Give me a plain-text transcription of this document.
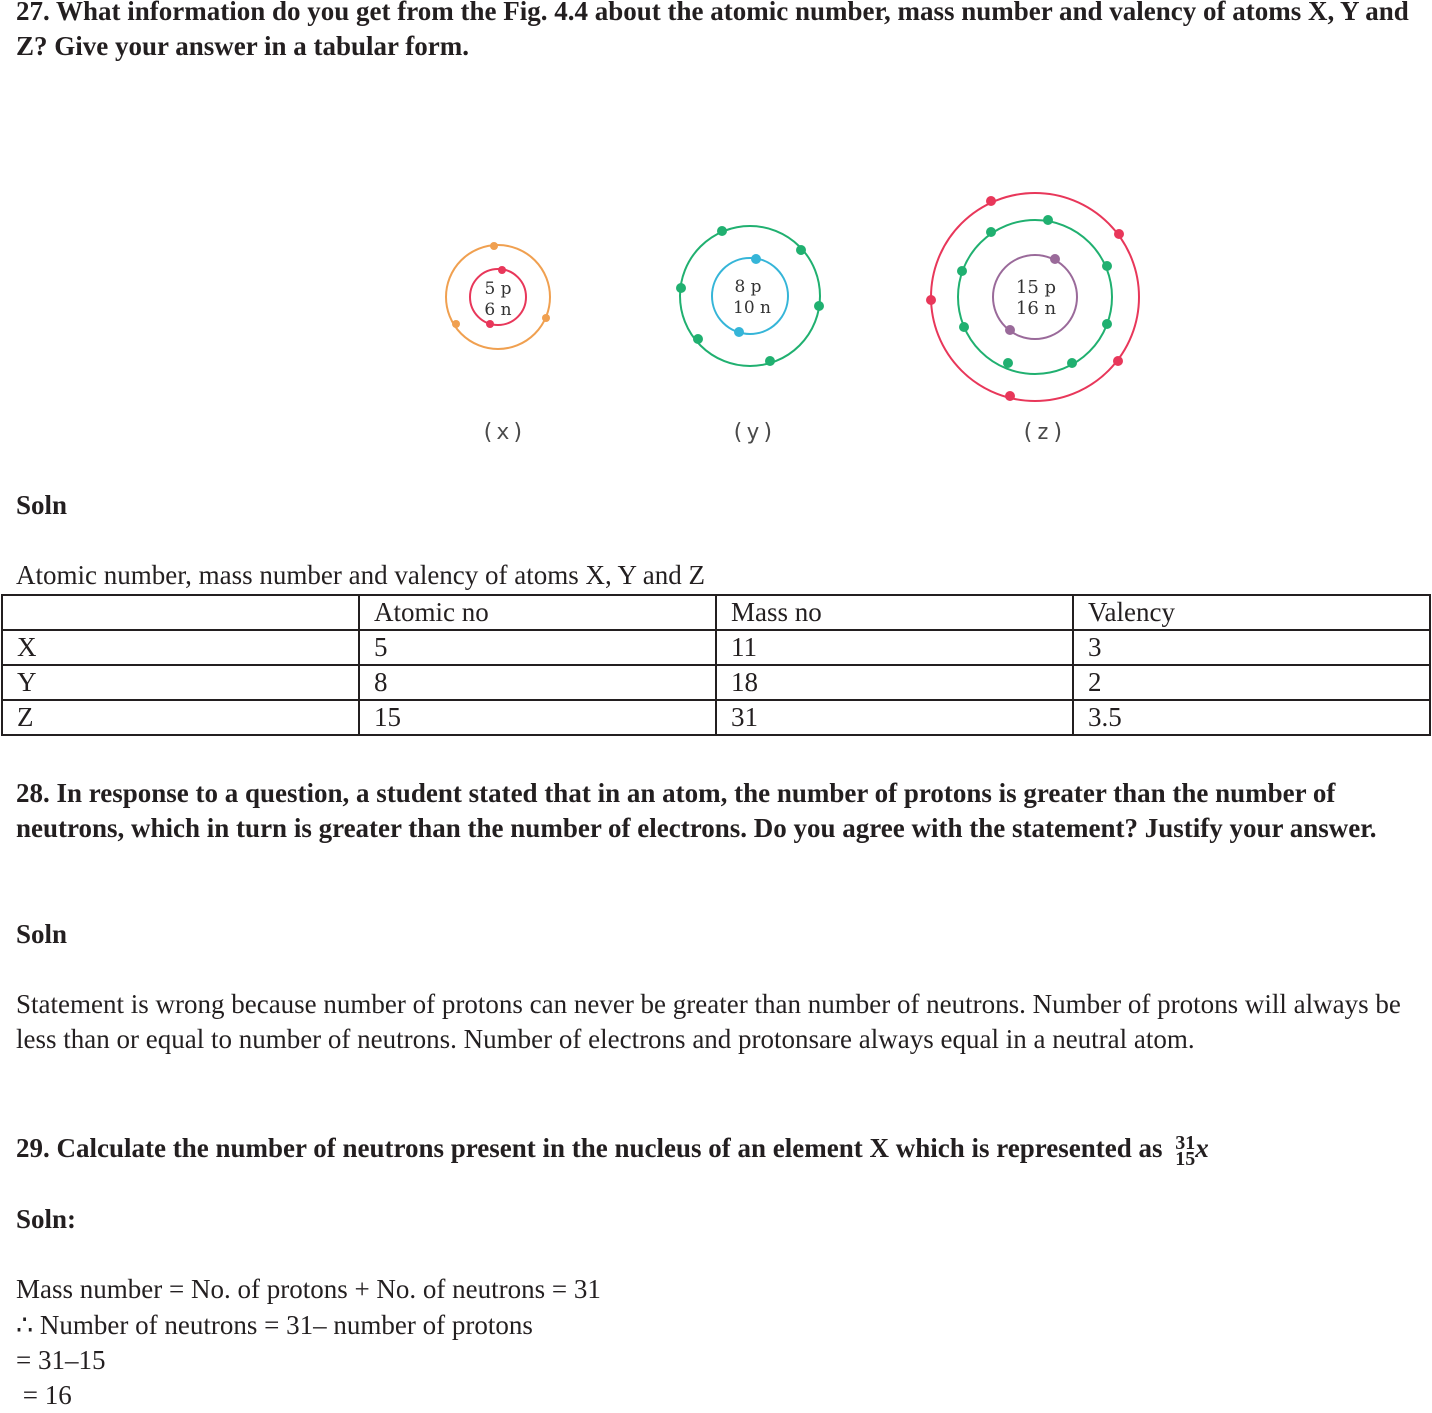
27. What information do you get from the Fig. 4.4 about the atomic number, mass number and valency of atoms X, Y and Z? Give your answer in a tabular form.
5 p
6 n
8 p
10 n
15 p
16 n
(x)	(y)	(z)
Soln
Atomic number, mass number and valency of atoms X, Y and Z
	Atomic no	Mass no	Valency
X	5	11	3
Y	8	18	2
Z	15	31	3.5
28. In response to a question, a student stated that in an atom, the number of protons is greater than the number of neutrons, which in turn is greater than the number of electrons. Do you agree with the statement? Justify your answer.
Soln
Statement is wrong because number of protons can never be greater than number of neutrons. Number of protons will always be less than or equal to number of neutrons. Number of electrons and protonsare always equal in a neutral atom.
29. Calculate the number of neutrons present in the nucleus of an element X which is represented as 31
15 x
Soln:
Mass number = No. of protons + No. of neutrons = 31
∴ Number of neutrons = 31– number of protons
= 31–15
= 16
